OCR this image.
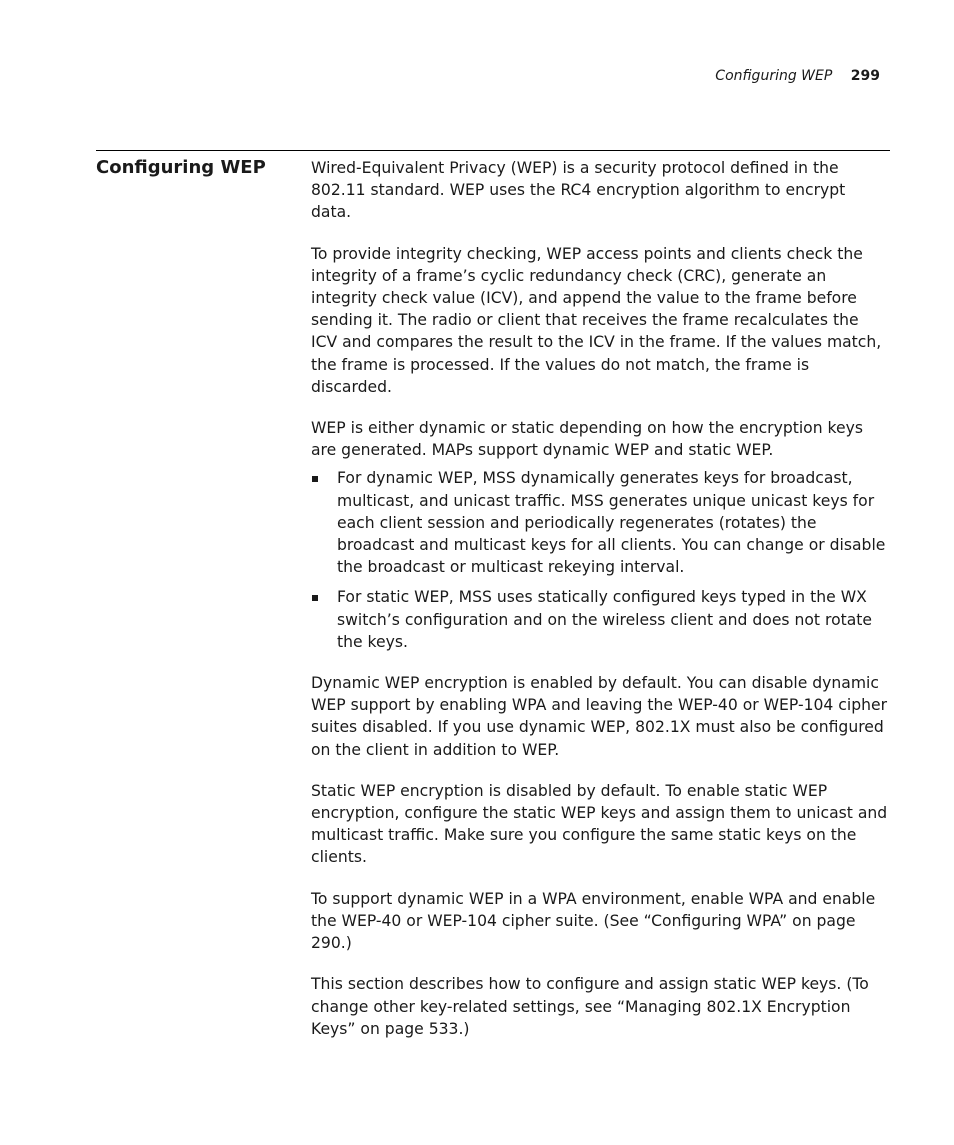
Configuring WEP 299
Configuring WEP	Wired-Equivalent Privacy (WEP) is a security protocol defined in the 802.11 standard. WEP uses the RC4 encryption algorithm to encrypt data.

To provide integrity checking, WEP access points and clients check the integrity of a frame’s cyclic redundancy check (CRC), generate an integrity check value (ICV), and append the value to the frame before sending it. The radio or client that receives the frame recalculates the ICV and compares the result to the ICV in the frame. If the values match, the frame is processed. If the values do not match, the frame is discarded.

WEP is either dynamic or static depending on how the encryption keys are generated. MAPs support dynamic WEP and static WEP.

For dynamic WEP, MSS dynamically generates keys for broadcast, multicast, and unicast traffic. MSS generates unique unicast keys for each client session and periodically regenerates (rotates) the broadcast and multicast keys for all clients. You can change or disable the broadcast or multicast rekeying interval.
For static WEP, MSS uses statically configured keys typed in the WX switch’s configuration and on the wireless client and does not rotate the keys.

Dynamic WEP encryption is enabled by default. You can disable dynamic WEP support by enabling WPA and leaving the WEP-40 or WEP-104 cipher suites disabled. If you use dynamic WEP, 802.1X must also be configured on the client in addition to WEP.

Static WEP encryption is disabled by default. To enable static WEP encryption, configure the static WEP keys and assign them to unicast and multicast traffic. Make sure you configure the same static keys on the clients.

To support dynamic WEP in a WPA environment, enable WPA and enable the WEP-40 or WEP-104 cipher suite. (See “Configuring WPA” on page 290.)

This section describes how to configure and assign static WEP keys. (To change other key-related settings, see “Managing 802.1X Encryption Keys” on page 533.)
